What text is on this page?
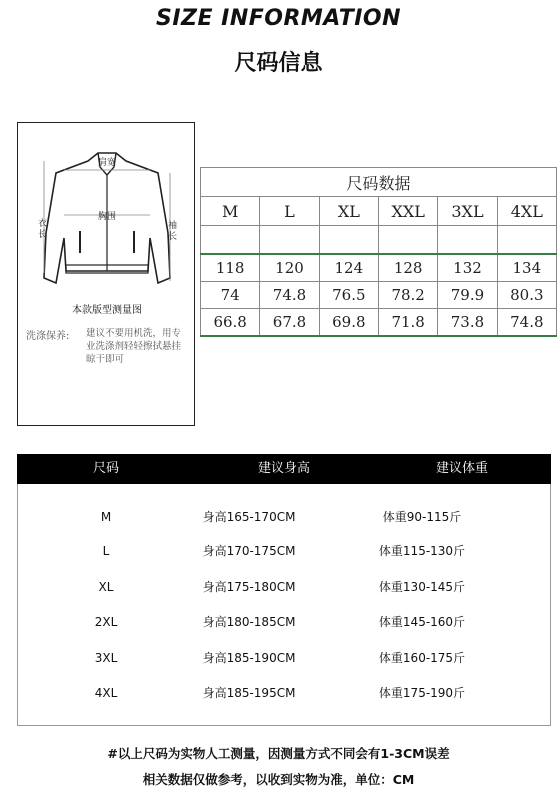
SIZE INFORMATION
尺码信息
肩宽
胸围
衣
长
袖
长
本款版型测量图
洗涤保养: 建议不要用机洗，用专业洗涤剂轻轻擦拭悬挂晾干即可
尺码数据					
M	L	XL	XXL	3XL	4XL

118	120	124	128	132	134
74	74.8	76.5	78.2	79.9	80.3
66.8	67.8	69.8	71.8	73.8	74.8
尺码	建议身高	建议体重
M	身高165-170CM	体重90-115斤
L	身高170-175CM	体重115-130斤
XL	身高175-180CM	体重130-145斤
2XL	身高180-185CM	体重145-160斤
3XL	身高185-190CM	体重160-175斤
4XL	身高185-195CM	体重175-190斤
#以上尺码为实物人工测量，因测量方式不同会有1-3CM误差
相关数据仅做参考，以收到实物为准，单位：CM
